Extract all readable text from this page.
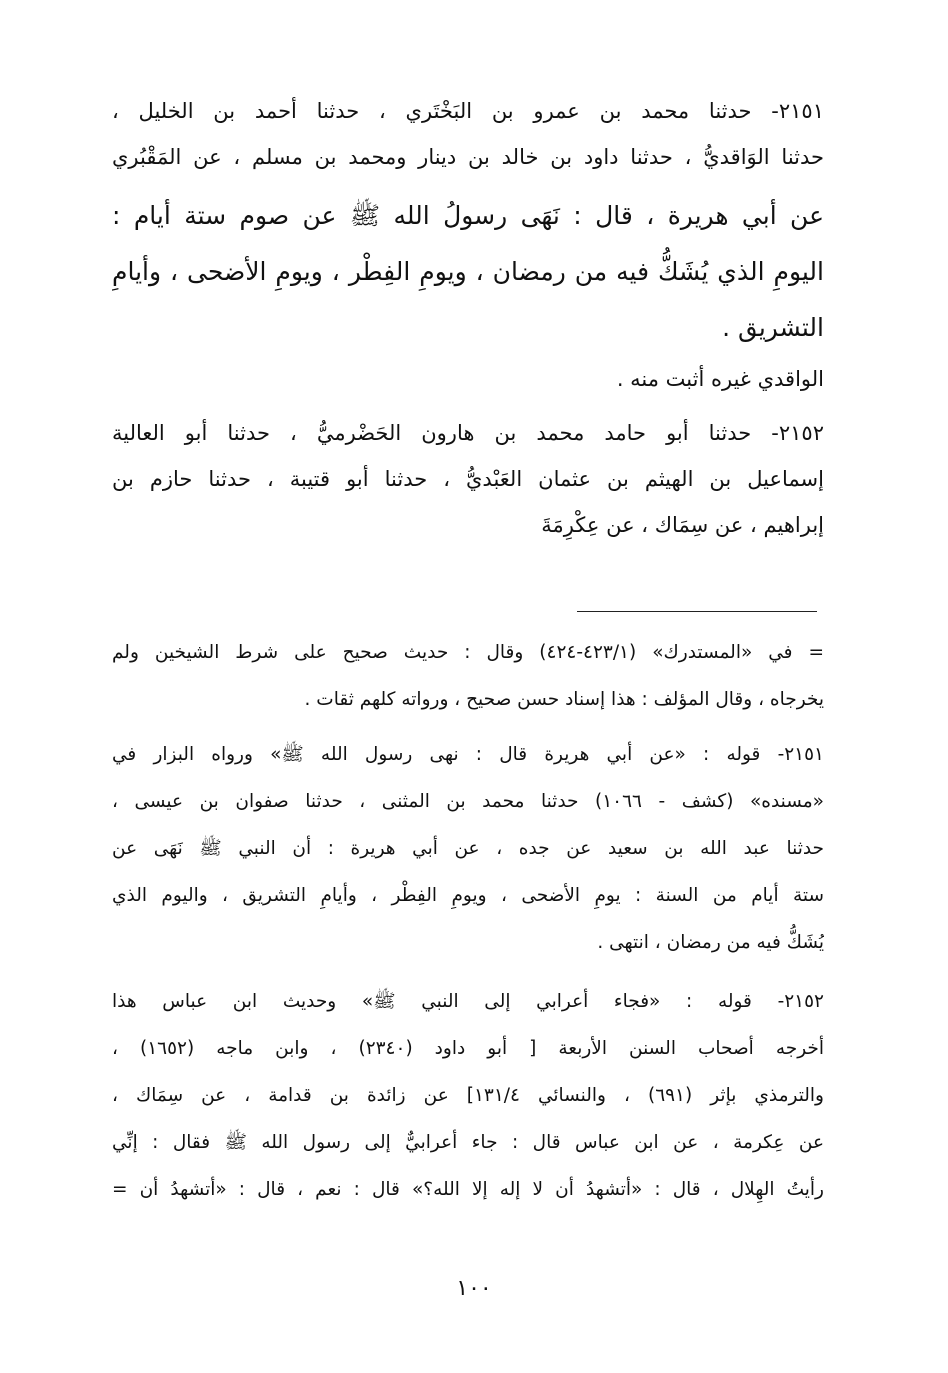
٢١٥١- حدثنا محمد بن عمرو بن البَخْتَري ، حدثنا أحمد بن الخليل ،
حدثنا الوَاقديُّ ، حدثنا داود بن خالد بن دينار ومحمد بن مسلم ، عن المَقْبُري
عن أبي هريرة ، قال : نَهَى رسولُ الله ﷺ عن صوم ستة أيام :
اليومِ الذي يُشَكُّ فيه من رمضان ، ويومِ الفِطْر ، ويومِ الأضحى ، وأيامِ
التشريق .
الواقدي غيره أثبت منه .
٢١٥٢- حدثنا أبو حامد محمد بن هارون الحَضْرميُّ ، حدثنا أبو العالية
إسماعيل بن الهيثم بن عثمان العَبْديُّ ، حدثنا أبو قتيبة ، حدثنا حازم بن
إبراهيم ، عن سِمَاك ، عن عِكْرِمَةَ
= في «المستدرك» (٤٢٣/١-٤٢٤) وقال : حديث صحيح على شرط الشيخين ولم
يخرجاه ، وقال المؤلف : هذا إسناد حسن صحيح ، ورواته كلهم ثقات .
٢١٥١- قوله : «عن أبي هريرة قال : نهى رسول الله ﷺ» ورواه البزار في
«مسنده» (كشف - ١٠٦٦) حدثنا محمد بن المثنى ، حدثنا صفوان بن عيسى ،
حدثنا عبد الله بن سعيد عن جده ، عن أبي هريرة : أن النبي ﷺ نَهَى عن
ستة أيام من السنة : يومِ الأضحى ، ويومِ الفِطْر ، وأيامِ التشريق ، واليوم الذي
يُشَكُّ فيه من رمضان ، انتهى .
٢١٥٢- قوله : «فجاء أعرابي إلى النبي ﷺ» وحديث ابن عباس هذا
أخرجه أصحاب السنن الأربعة [ أبو داود (٢٣٤٠) ، وابن ماجه (١٦٥٢) ،
والترمذي بإثر (٦٩١) ، والنسائي ١٣١/٤] عن زائدة بن قدامة ، عن سِمَاك ،
عن عِكرمة ، عن ابن عباس قال : جاء أعرابيٌّ إلى رسول الله ﷺ فقال : إنِّي
رأيتُ الهِلال ، قال : «أتشهدُ أن لا إله إلا الله؟» قال : نعم ، قال : «أتشهدُ أن =
١٠٠
